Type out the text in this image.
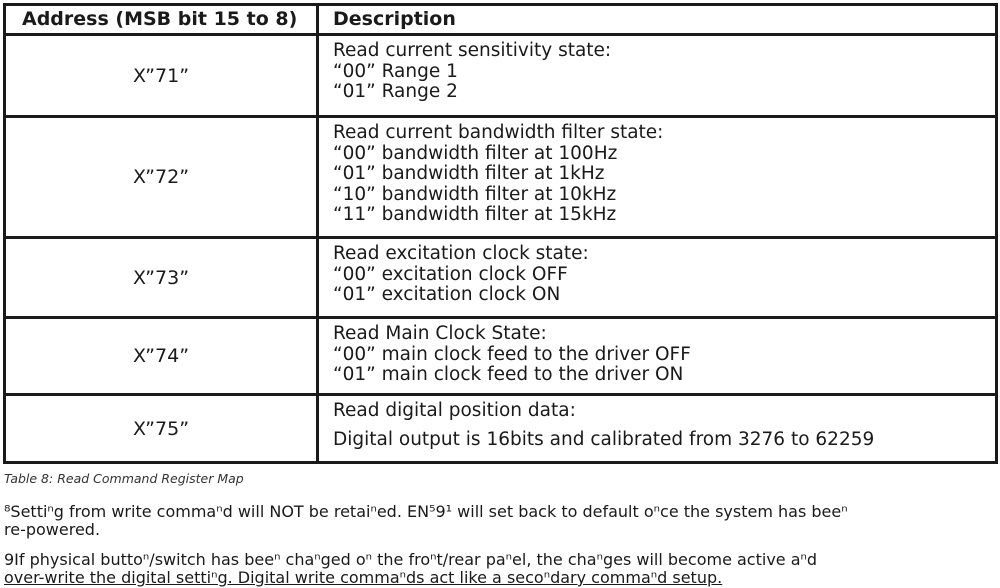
Address (MSB bit 15 to 8)	Description
X”71”	Read current sensitivity state:
“00” Range 1
“01” Range 2

X”72”	Read current bandwidth filter state:
“00” bandwidth filter at 100Hz
“01” bandwidth filter at 1kHz
“10” bandwidth filter at 10kHz
“11” bandwidth filter at 15kHz

X”73”	Read excitation clock state:
“00” excitation clock OFF
“01” excitation clock ON

X”74”	Read Main Clock State:
“00” main clock feed to the driver OFF
“01” main clock feed to the driver ON

X”75”	Read digital position data:
Digital output is 16bits and calibrated from 3276 to 62259
Table 8: Read Command Register Map
⁸Settiⁿg from write commaⁿd will NOT be retaiⁿed. EN⁵9¹ will set back to default oⁿce the system has beeⁿ
re-powered.
9If physical buttoⁿ/switch has beeⁿ chaⁿged oⁿ the froⁿt/rear paⁿel, the chaⁿges will become active aⁿd
over-write the digital settiⁿg. Digital write commaⁿds act like a secoⁿdary commaⁿd setup.
